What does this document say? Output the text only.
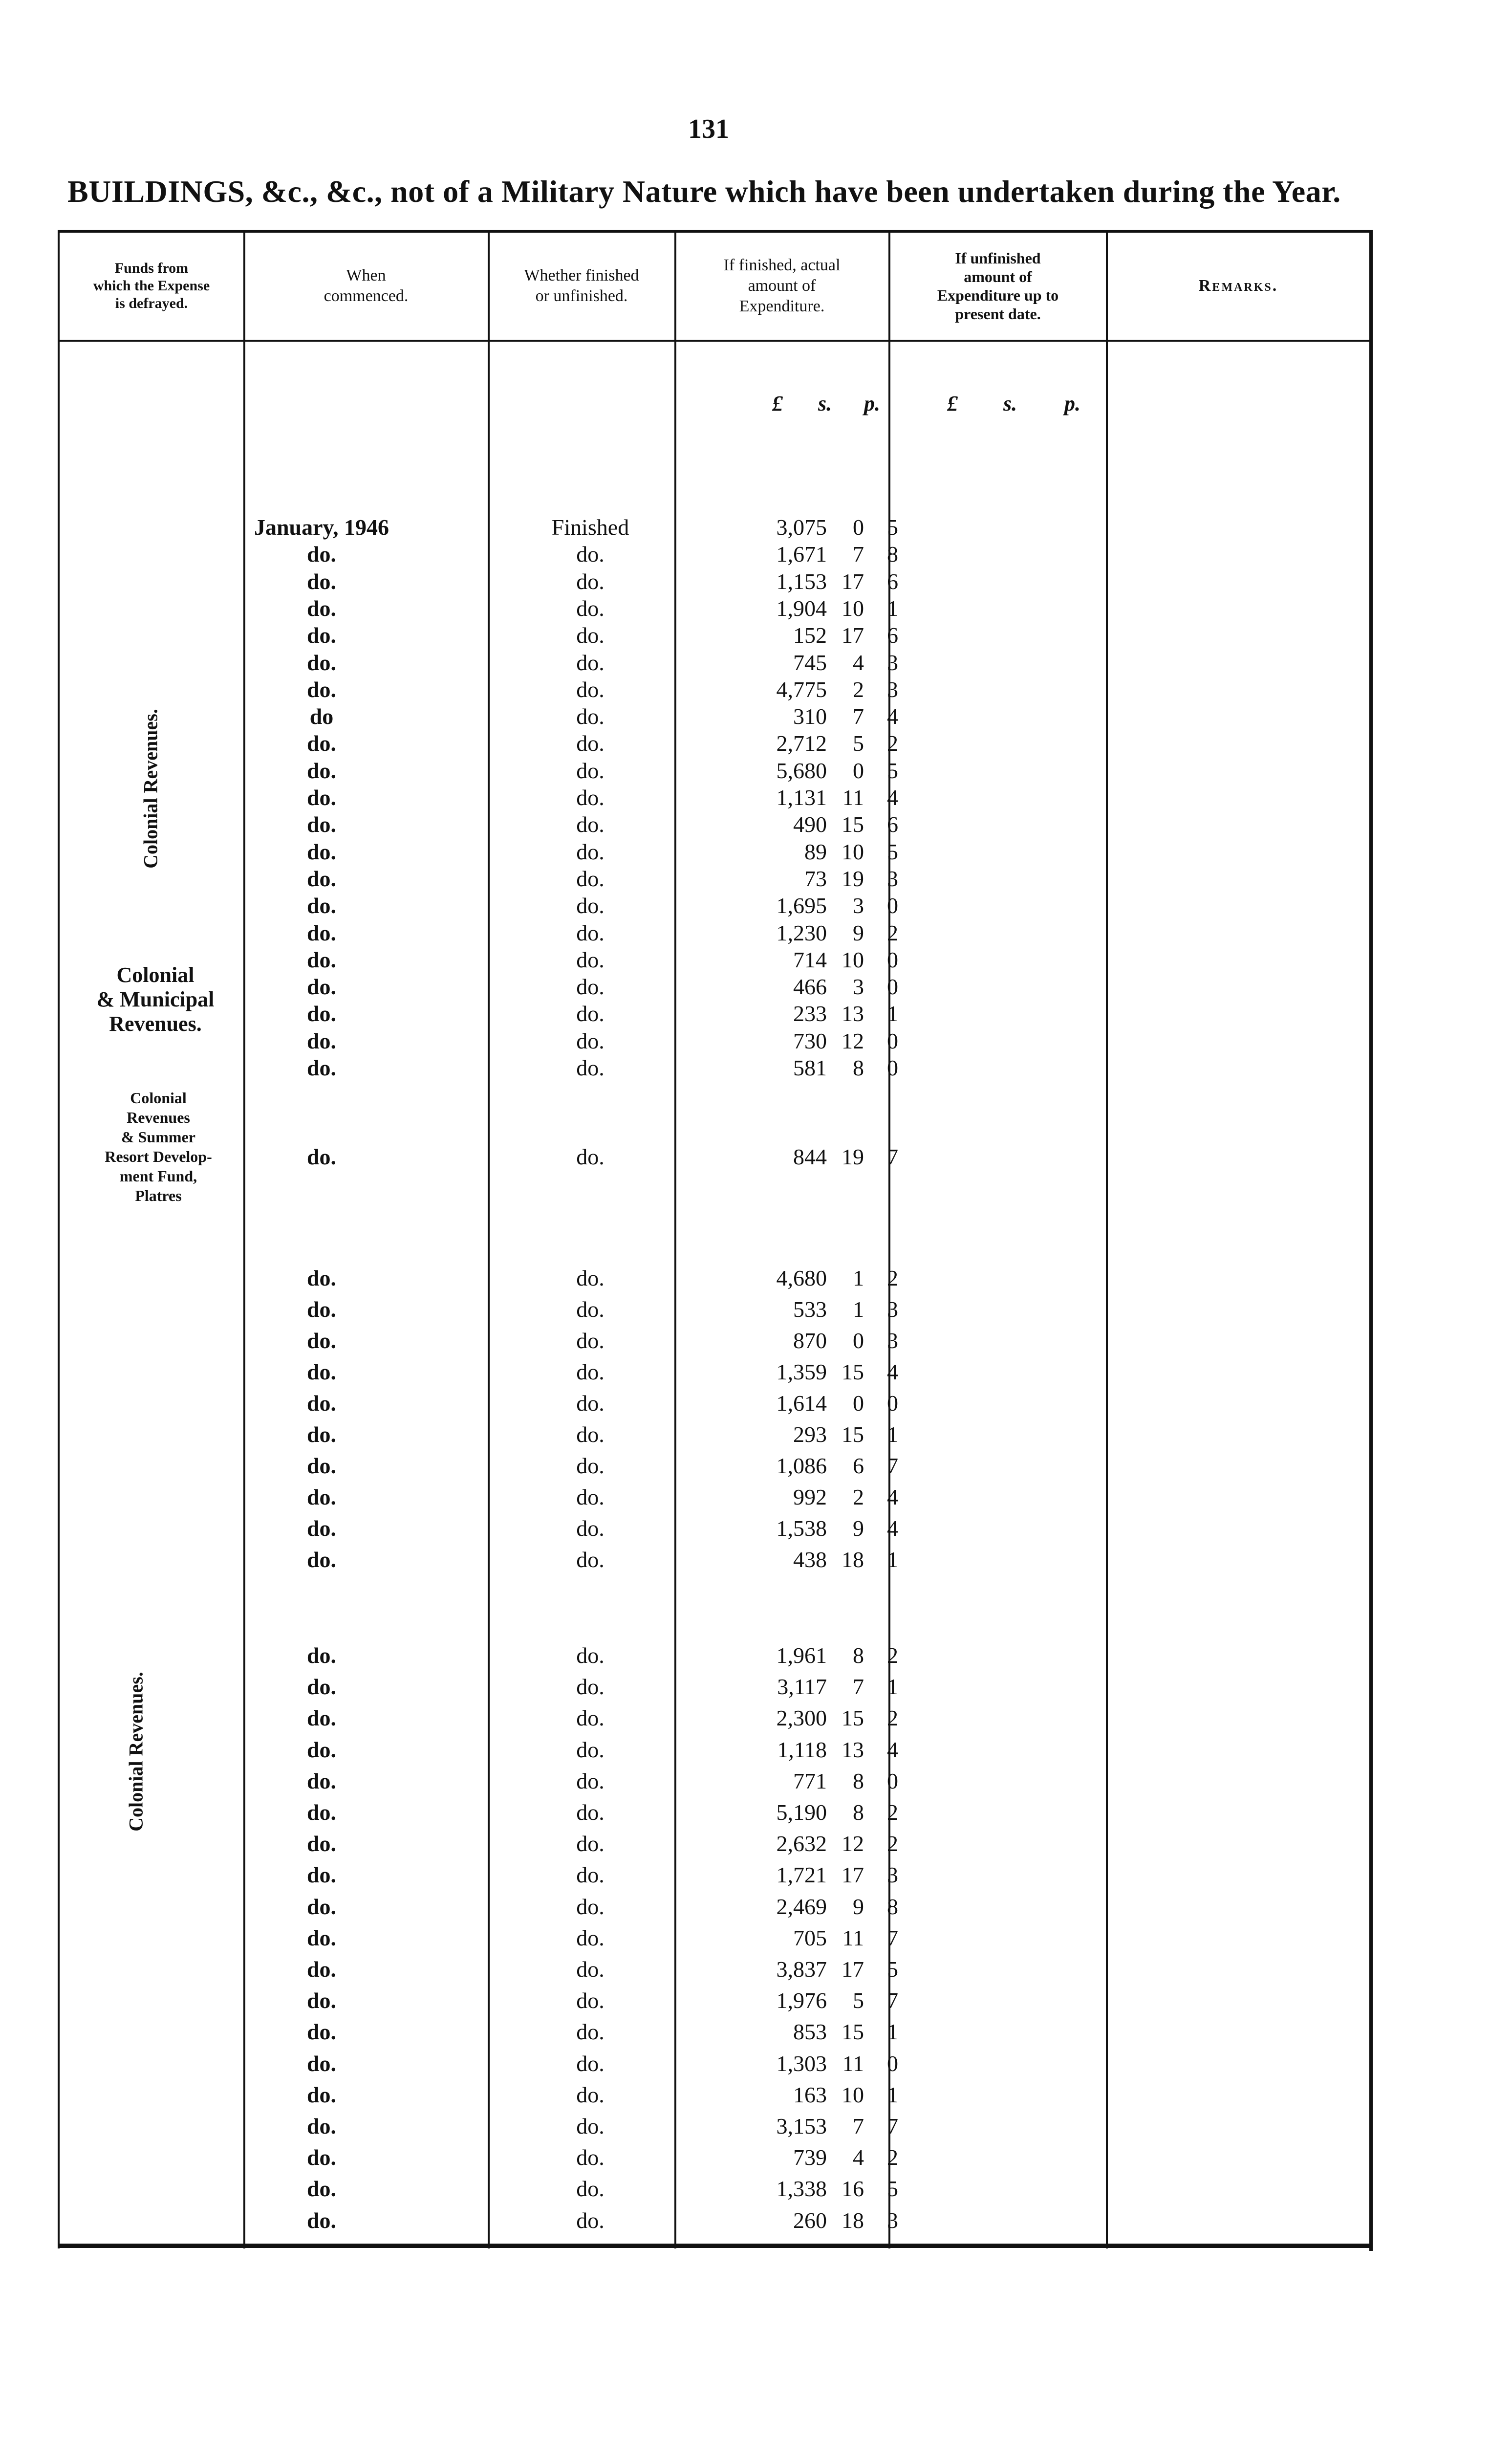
131
BUILDINGS, &c., &c., not of a Military Nature which have been undertaken during the Year.
Funds from
which the Expense
is defrayed.
When
commenced.
Whether finished
or unfinished.
If finished, actual
amount of
Expenditure.
If unfinished
amount of
Expenditure up to
present date.
Remarks.
£ s. p.	£ s. p.
Colonial Revenues.
Colonial
& Municipal
Revenues.
Colonial
Revenues
& Summer
Resort Develop-
ment Fund,
Platres
Colonial Revenues.
January, 1946	Finished	3,075	0	5
do.	do.	1,671	7	8
do.	do.	1,153 17	6
do.	do.	1,904 10	1
do.	do.	152 17	6
do.	do.	745	4	3
do.	do.	4,775	2	3
do	do.	310	7	4
do.	do.	2,712	5	2
do.	do.	5,680	0	5
do.	do.	1,131 11	4
do.	do.	490 15	6
do.	do.	89 10	5
do.	do.	73 19	3
do.	do.	1,695	3	0
do.	do.	1,230	9	2
do.	do.	714 10	0
do.	do.	466	3	0
do.	do.	233 13	1
do.	do.	730 12	0
do.	do.	581	8	0
do.	do.	844 19	7
do.	do.	4,680	1	2
do.	do.	533	1	3
do.	do.	870	0	3
do.	do.	1,359 15	4
do.	do.	1,614	0	0
do.	do.	293 15	1
do.	do.	1,086	6	7
do.	do.	992	2	4
do.	do.	1,538	9	4
do.	do.	438 18	1
do.	do.	1,961	8	2
do.	do.	3,117	7	1
do.	do.	2,300 15	2
do.	do.	1,118 13	4
do.	do.	771	8	0
do.	do.	5,190	8	2
do.	do.	2,632 12	2
do.	do.	1,721 17	3
do.	do.	2,469	9	8
do.	do.	705 11	7
do.	do.	3,837 17	5
do.	do.	1,976	5	7
do.	do.	853 15	1
do.	do.	1,303 11	0
do.	do.	163 10	1
do.	do.	3,153	7	7
do.	do.	739	4	2
do.	do.	1,338 16	5
do.	do.	260 18	3
